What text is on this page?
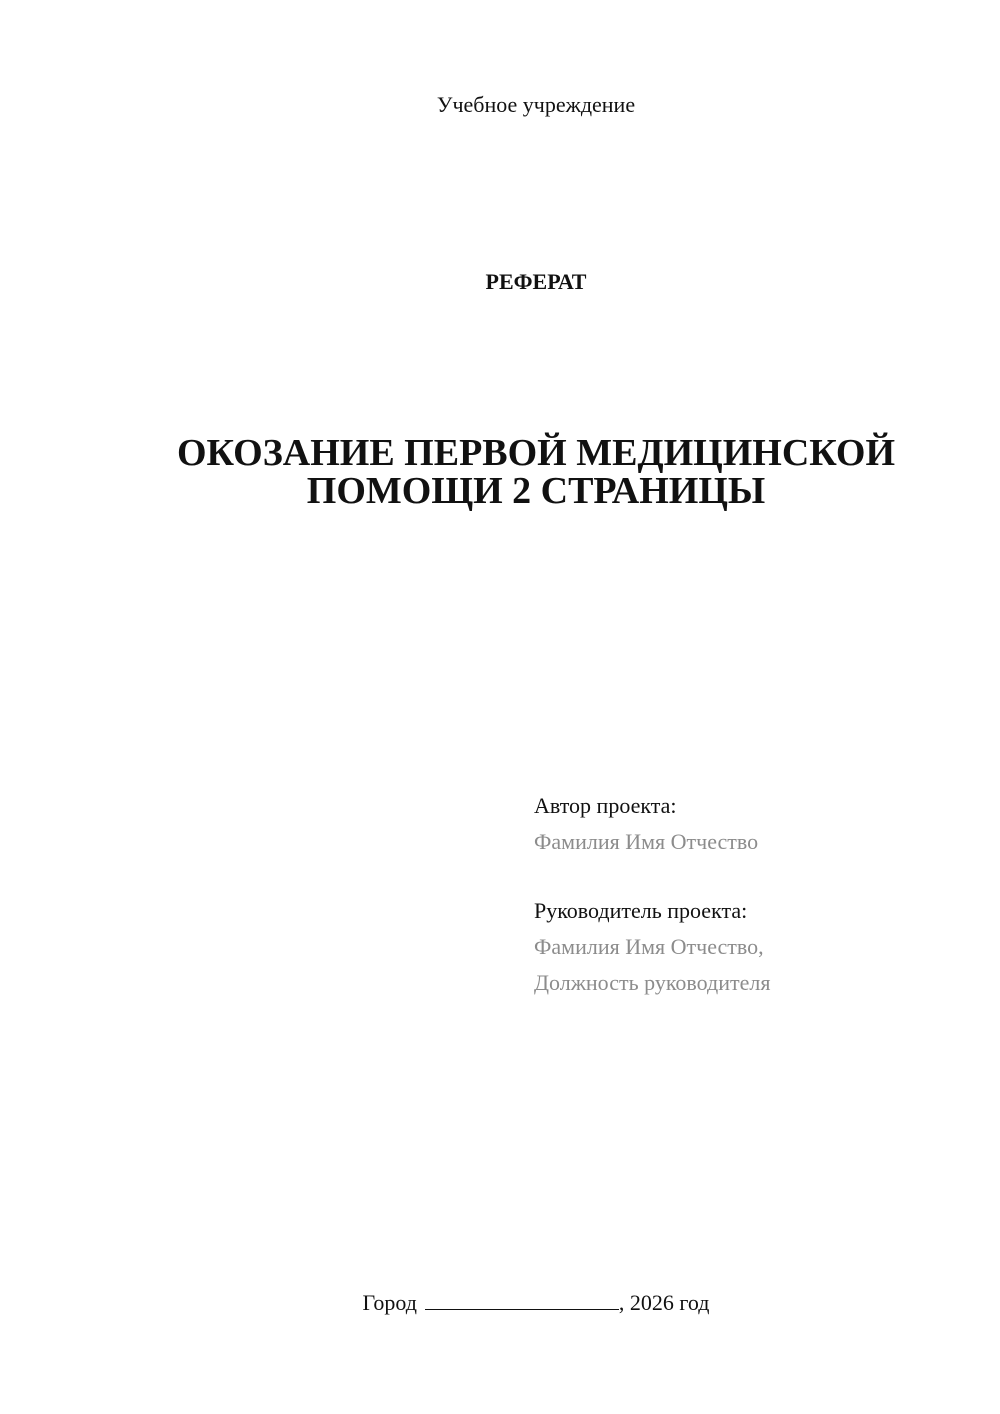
Учебное учреждение
РЕФЕРАТ
ОКОЗАНИЕ ПЕРВОЙ МЕДИЦИНСКОЙ
ПОМОЩИ 2 СТРАНИЦЫ
Автор проекта:
Фамилия Имя Отчество
Руководитель проекта:
Фамилия Имя Отчество,
Должность руководителя
Город	, 2026 год
